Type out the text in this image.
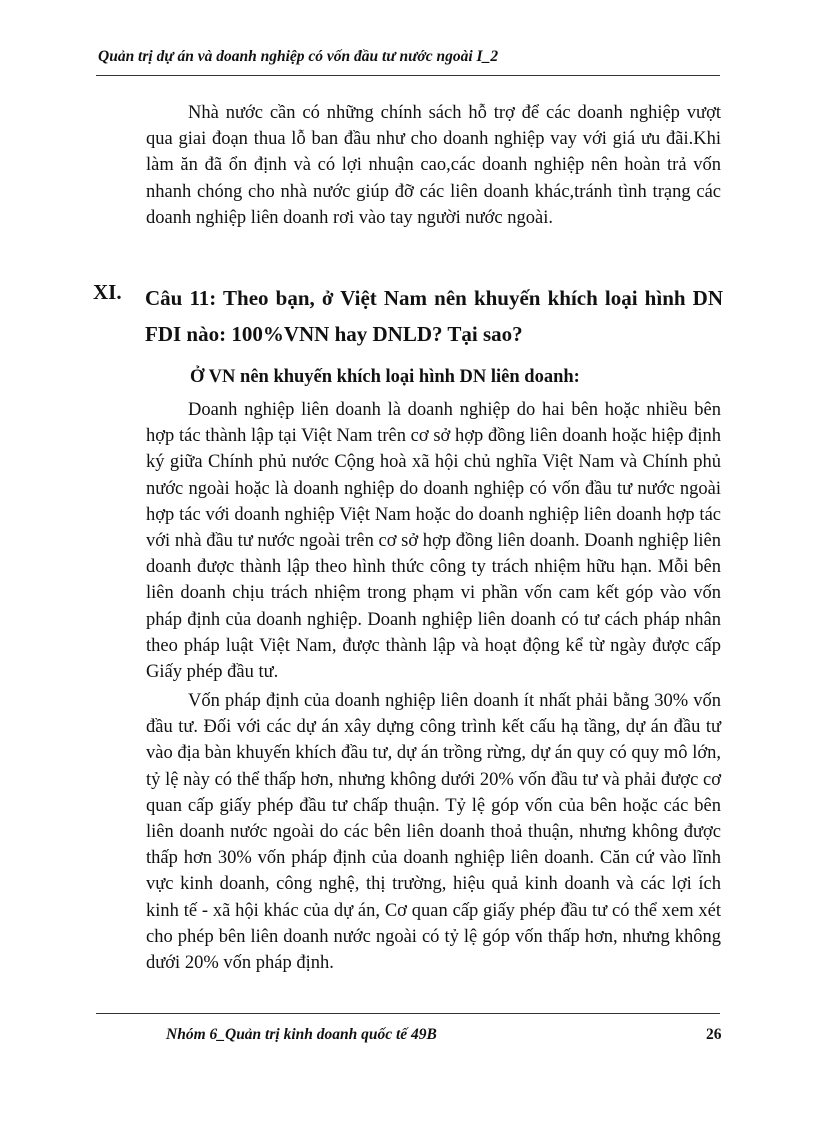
Quản trị dự án và doanh nghiệp có vốn đầu tư nước ngoài I_2

Nhà nước cần có những chính sách hỗ trợ để các doanh nghiệp vượt qua giai đoạn thua lỗ ban đầu như cho doanh nghiệp vay với giá ưu đãi.Khi làm ăn đã ổn định và có lợi nhuận cao,các doanh nghiệp nên hoàn trả vốn nhanh chóng cho nhà nước giúp đỡ các liên doanh khác,tránh tình trạng các doanh nghiệp liên doanh rơi vào tay người nước ngoài.

XI. Câu 11: Theo bạn, ở Việt Nam nên khuyến khích loại hình DN FDI nào: 100%VNN hay DNLD? Tại sao?
Ở VN nên khuyến khích loại hình DN liên doanh:

Doanh nghiệp liên doanh là doanh nghiệp do hai bên hoặc nhiều bên hợp tác thành lập tại Việt Nam trên cơ sở hợp đồng liên doanh hoặc hiệp định ký giữa Chính phủ nước Cộng hoà xã hội chủ nghĩa Việt Nam và Chính phủ nước ngoài hoặc là doanh nghiệp do doanh nghiệp có vốn đầu tư nước ngoài hợp tác với doanh nghiệp Việt Nam hoặc do doanh nghiệp liên doanh hợp tác với nhà đầu tư nước ngoài trên cơ sở hợp đồng liên doanh. Doanh nghiệp liên doanh được thành lập theo hình thức công ty trách nhiệm hữu hạn. Mỗi bên liên doanh chịu trách nhiệm trong phạm vi phần vốn cam kết góp vào vốn pháp định của doanh nghiệp. Doanh nghiệp liên doanh có tư cách pháp nhân theo pháp luật Việt Nam, được thành lập và hoạt động kể từ ngày được cấp Giấy phép đầu tư.

Vốn pháp định của doanh nghiệp liên doanh ít nhất phải bằng 30% vốn đầu tư. Đối với các dự án xây dựng công trình kết cấu hạ tầng, dự án đầu tư vào địa bàn khuyến khích đầu tư, dự án trồng rừng, dự án quy có quy mô lớn, tỷ lệ này có thể thấp hơn, nhưng không dưới 20% vốn đầu tư và phải được cơ quan cấp giấy phép đầu tư chấp thuận. Tỷ lệ góp vốn của bên hoặc các bên liên doanh nước ngoài do các bên liên doanh thoả thuận, nhưng không được thấp hơn 30% vốn pháp định của doanh nghiệp liên doanh. Căn cứ vào lĩnh vực kinh doanh, công nghệ, thị trường, hiệu quả kinh doanh và các lợi ích kinh tế - xã hội khác của dự án, Cơ quan cấp giấy phép đầu tư có thể xem xét cho phép bên liên doanh nước ngoài có tỷ lệ góp vốn thấp hơn, nhưng không dưới 20% vốn pháp định.

Nhóm 6_Quản trị kinh doanh quốc tế 49B	26
